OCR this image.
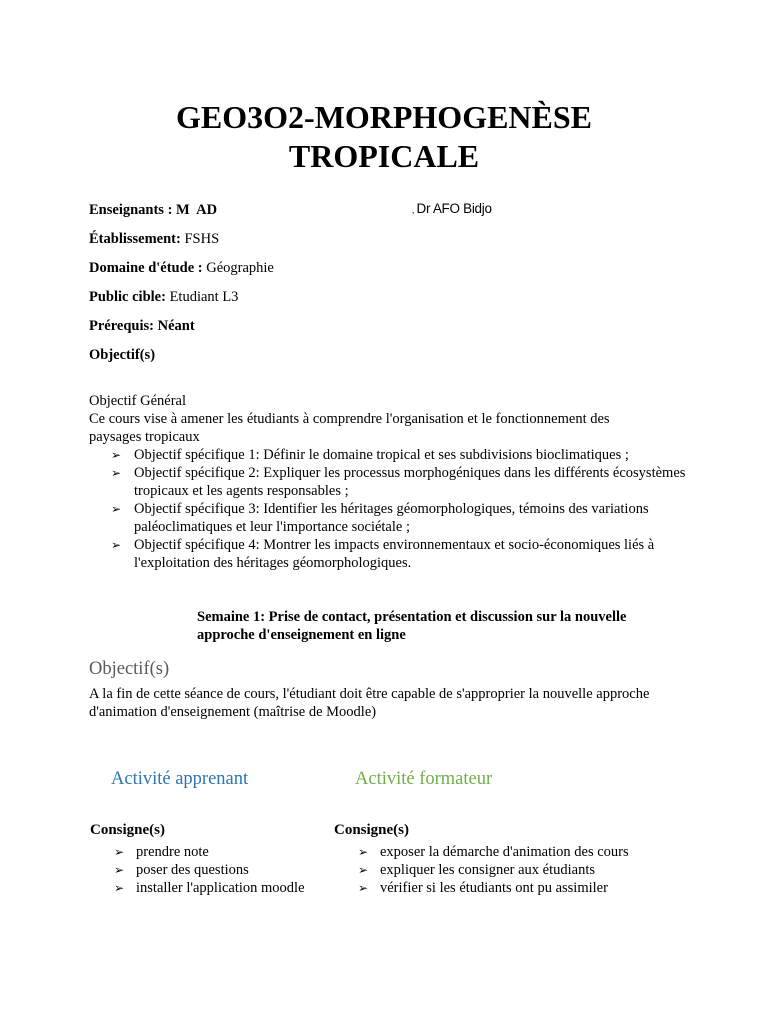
GEO3O2-MORPHOGENÈSE
TROPICALE
Enseignants : M  AD	, Dr AFO Bidjo
Établissement: FSHS
Domaine d'étude : Géographie
Public cible: Etudiant L3
Prérequis: Néant
Objectif(s)
Objectif Général
Ce cours vise à amener les étudiants à comprendre l'organisation et le fonctionnement des paysages tropicaux
➢ Objectif spécifique 1: Définir le domaine tropical et ses subdivisions bioclimatiques ;
➢ Objectif spécifique 2: Expliquer les processus morphogéniques dans les différents écosystèmes tropicaux et les agents responsables ;
➢ Objectif spécifique 3: Identifier les héritages géomorphologiques, témoins des variations paléoclimatiques et leur l'importance sociétale ;
➢ Objectif spécifique 4: Montrer les impacts environnementaux et socio-économiques liés à l'exploitation des héritages géomorphologiques.
Semaine 1: Prise de contact, présentation et discussion sur la nouvelle approche d'enseignement en ligne
Objectif(s)
A la fin de cette séance de cours, l'étudiant doit être capable de s'approprier la nouvelle approche d'animation d'enseignement (maîtrise de Moodle)
Activité apprenant	Activité formateur
Consigne(s)
➢ prendre note
➢ poser des questions
➢ installer l'application moodle
Consigne(s)
➢ exposer la démarche d'animation des cours
➢ expliquer les consigner aux étudiants
➢ vérifier si les étudiants ont pu assimiler
